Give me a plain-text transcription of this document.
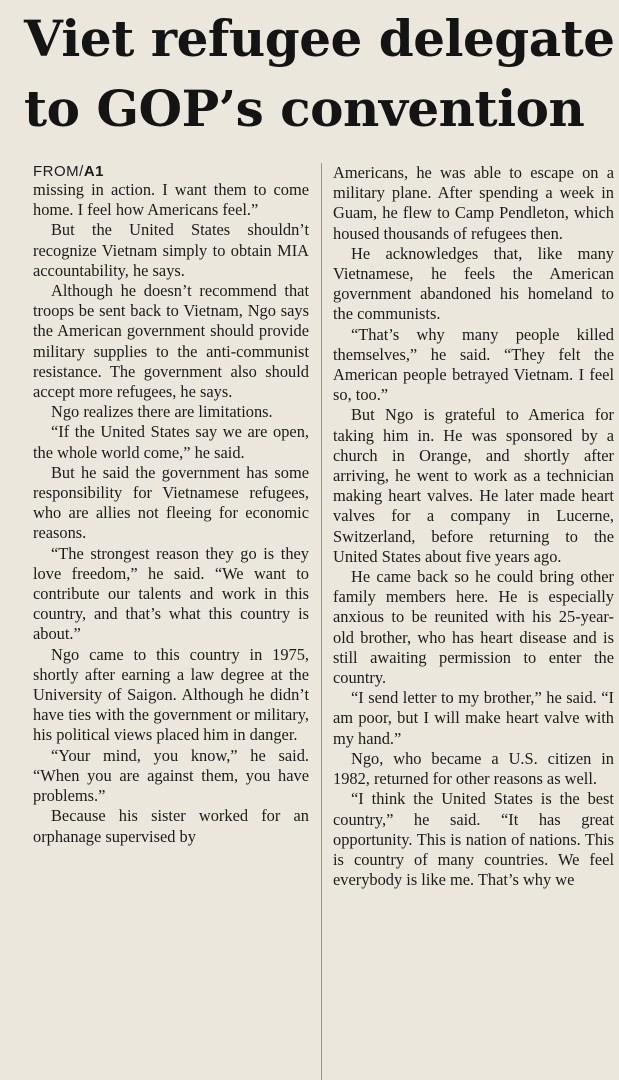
Viet refugee delegate
to GOP’s convention
FROM/A1

missing in action. I want them to come home. I feel how Americans feel.”

But the United States shouldn’t recognize Vietnam simply to obtain MIA accountability, he says.

Although he doesn’t recommend that troops be sent back to Vietnam, Ngo says the American government should provide military supplies to the anti-communist resistance. The government also should accept more refugees, he says.

Ngo realizes there are limitations.

“If the United States say we are open, the whole world come,” he said.

But he said the government has some responsibility for Vietnamese refugees, who are allies not fleeing for economic reasons.

“The strongest reason they go is they love freedom,” he said. “We want to contribute our talents and work in this country, and that’s what this country is about.”

Ngo came to this country in 1975, shortly after earning a law degree at the University of Saigon. Although he didn’t have ties with the government or military, his political views placed him in danger.

“Your mind, you know,” he said. “When you are against them, you have problems.”

Because his sister worked for an orphanage supervised by

Americans, he was able to escape on a military plane. After spending a week in Guam, he flew to Camp Pendleton, which housed thousands of refugees then.

He acknowledges that, like many Vietnamese, he feels the American government abandoned his homeland to the communists.

“That’s why many people killed themselves,” he said. “They felt the American people betrayed Vietnam. I feel so, too.”

But Ngo is grateful to America for taking him in. He was sponsored by a church in Orange, and shortly after arriving, he went to work as a technician making heart valves. He later made heart valves for a company in Lucerne, Switzerland, before returning to the United States about five years ago.

He came back so he could bring other family members here. He is especially anxious to be reunited with his 25-year-old brother, who has heart disease and is still awaiting permission to enter the country.

“I send letter to my brother,” he said. “I am poor, but I will make heart valve with my hand.”

Ngo, who became a U.S. citizen in 1982, returned for other reasons as well.

“I think the United States is the best country,” he said. “It has great opportunity. This is nation of nations. This is country of many countries. We feel everybody is like me. That’s why we
